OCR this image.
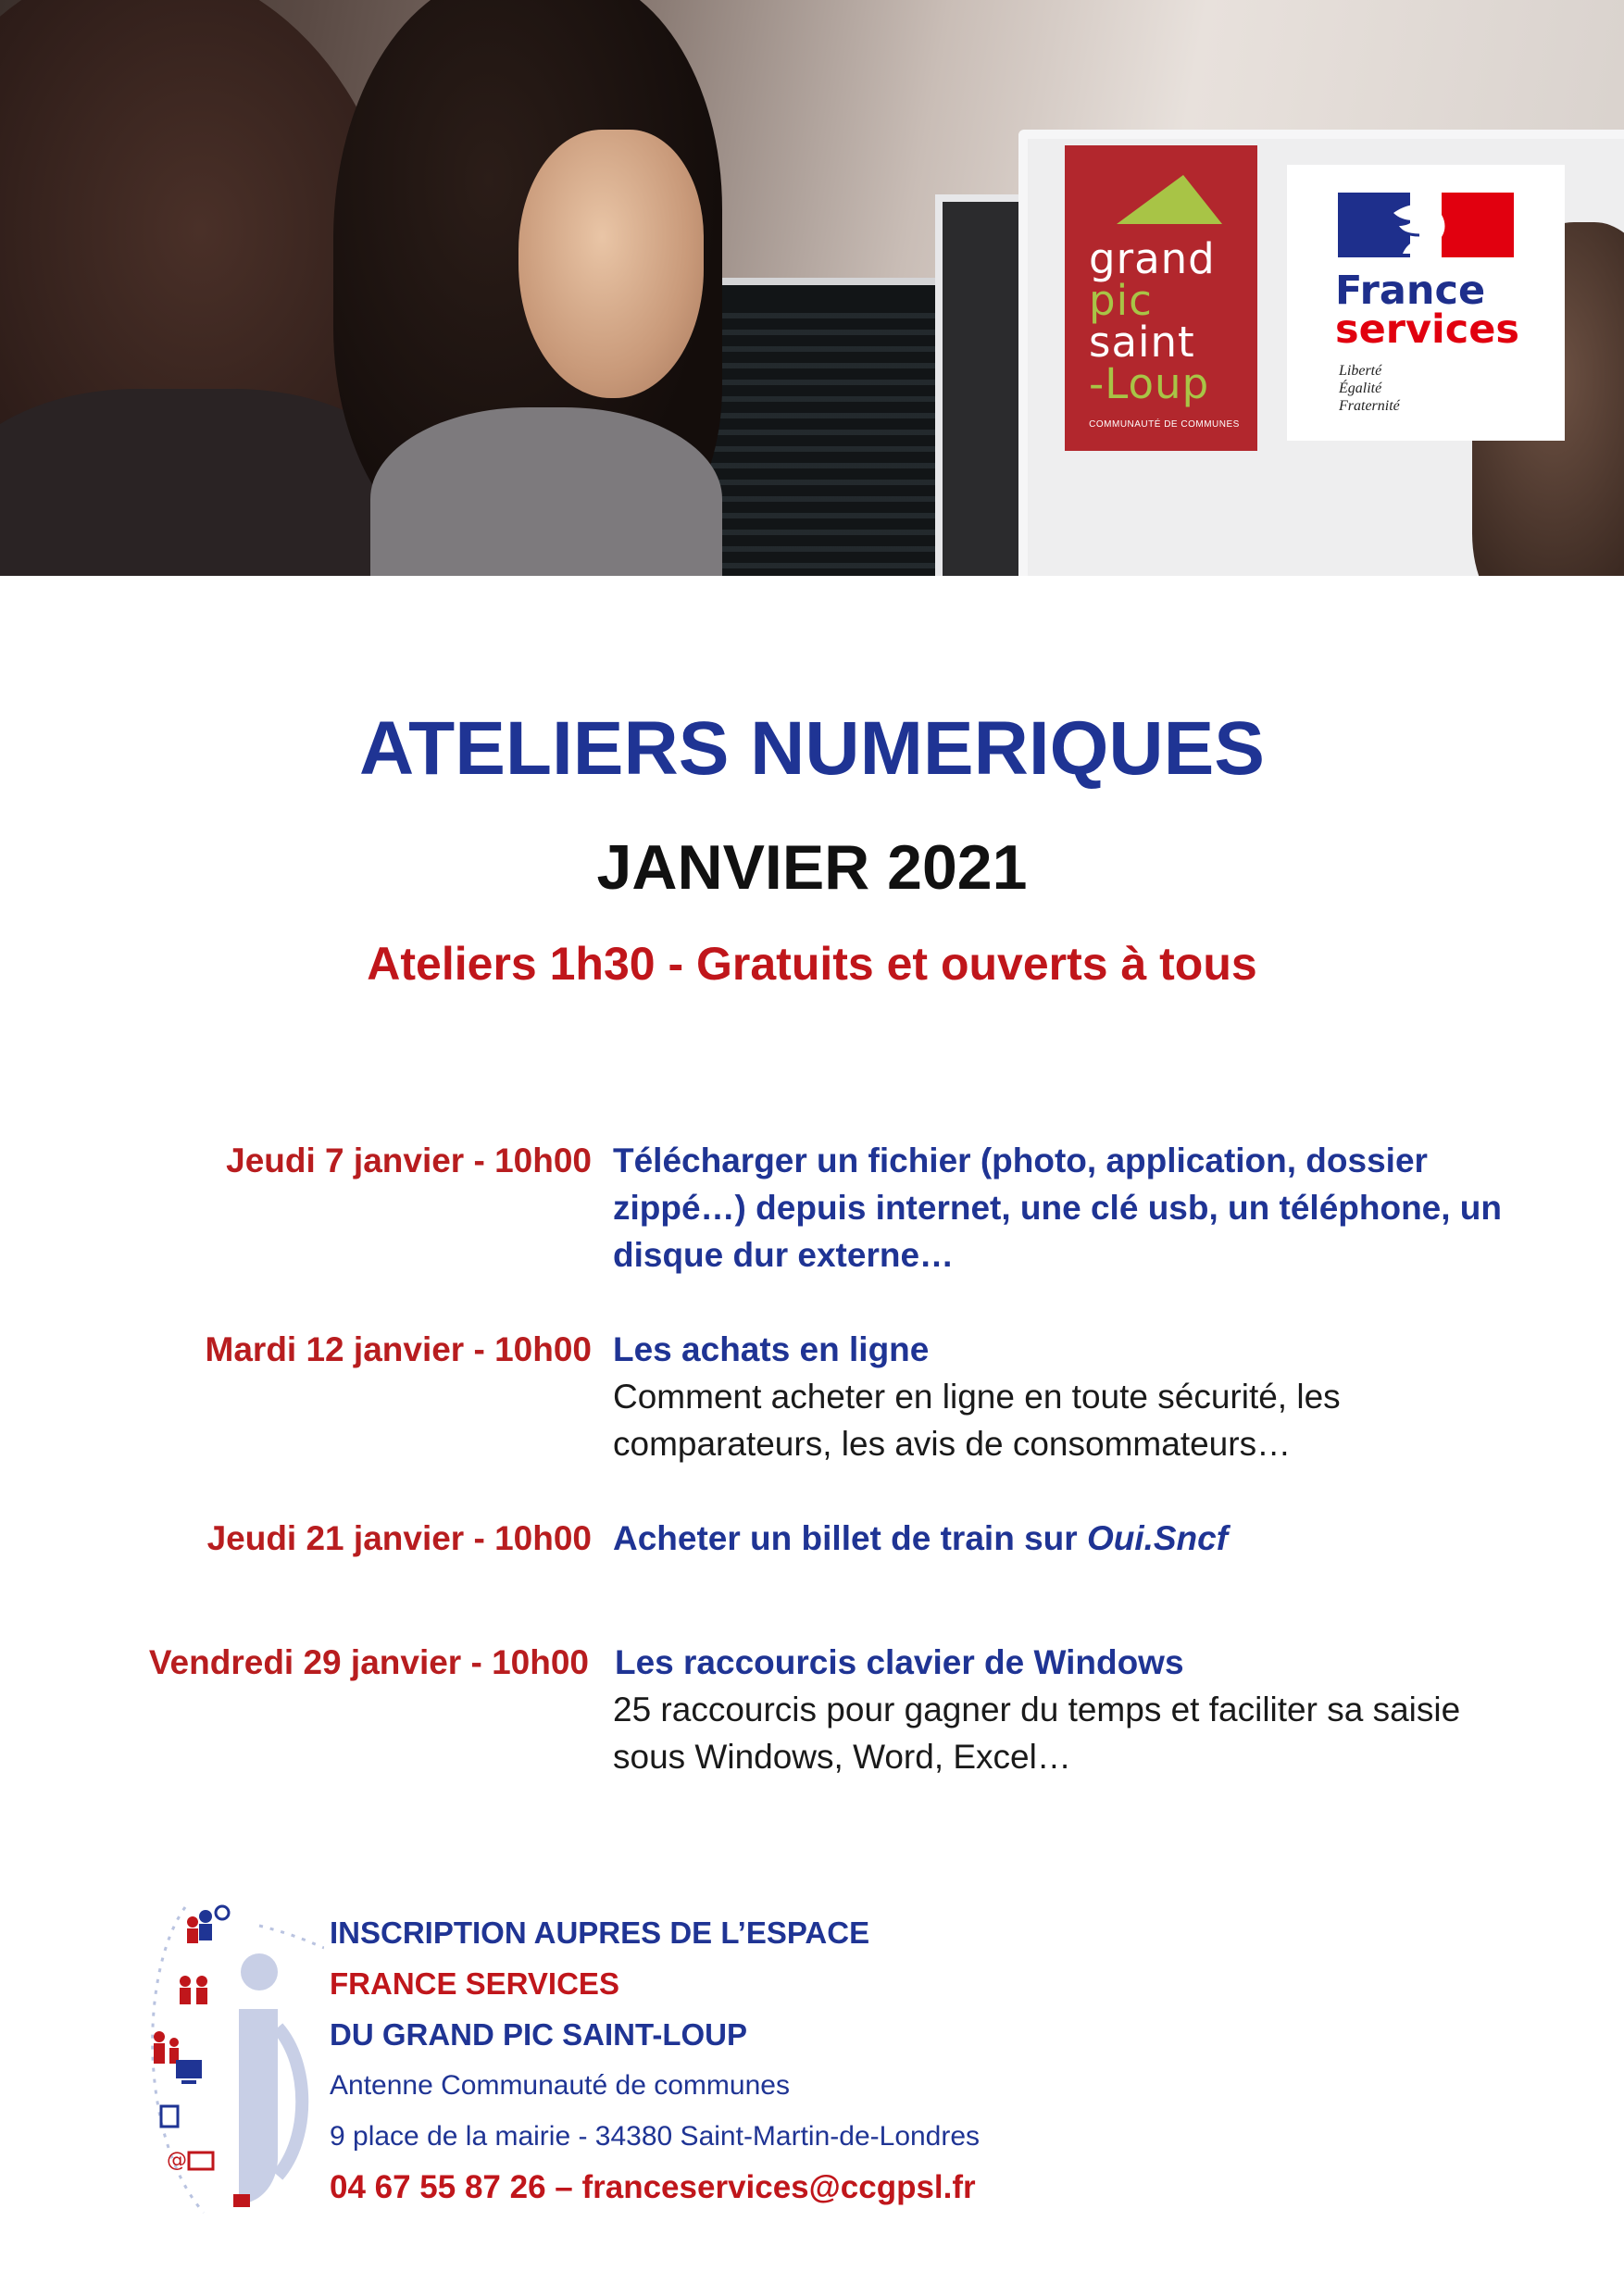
grand
pic
saint
-Loup
COMMUNAUTÉ DE COMMUNES
France
services
Liberté
Égalité
Fraternité
ATELIERS NUMERIQUES
JANVIER 2021
Ateliers 1h30 - Gratuits et ouverts à tous
Jeudi 7 janvier - 10h00 Télécharger un fichier (photo, application, dossier
zippé…) depuis internet, une clé usb, un téléphone, un
disque dur externe…
Mardi 12 janvier - 10h00 Les achats en ligne
Comment acheter en ligne en toute sécurité, les
comparateurs, les avis de consommateurs…
Jeudi 21 janvier - 10h00 Acheter un billet de train sur Oui.Sncf
Vendredi 29 janvier - 10h00 Les raccourcis clavier de Windows
25 raccourcis pour gagner du temps et faciliter sa saisie
sous Windows, Word, Excel…
@
INSCRIPTION AUPRES DE L’ESPACE
FRANCE SERVICES
DU GRAND PIC SAINT-LOUP
Antenne Communauté de communes
9 place de la mairie - 34380 Saint-Martin-de-Londres
04 67 55 87 26 – franceservices@ccgpsl.fr
